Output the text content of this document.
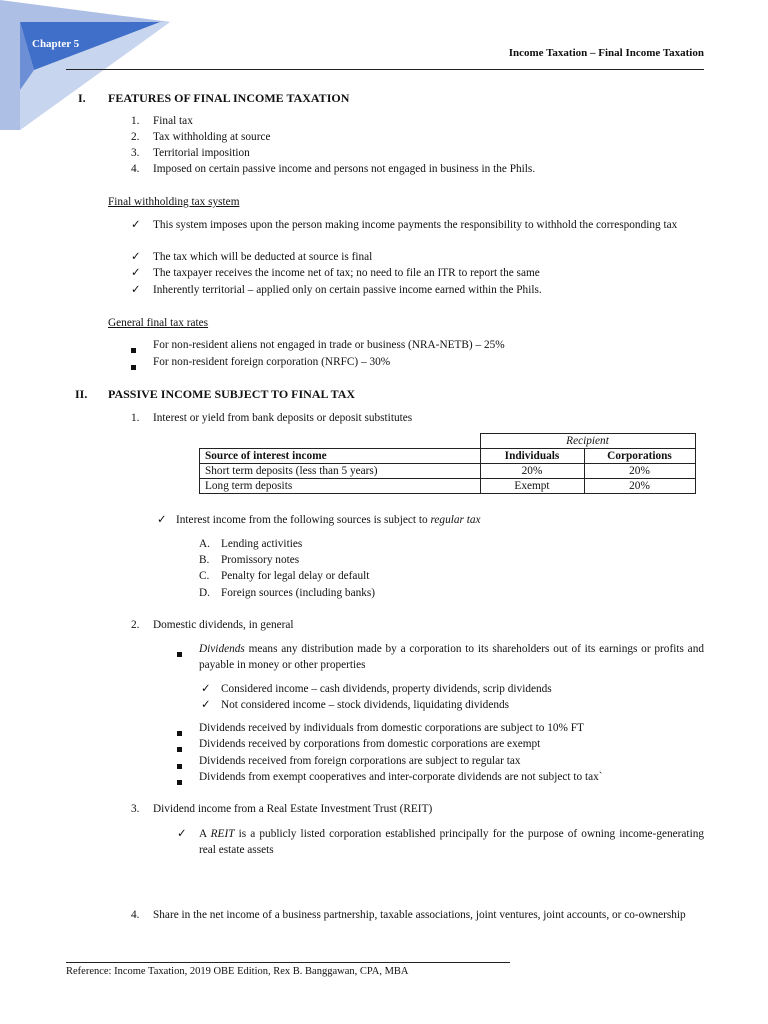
Chapter 5
Income Taxation – Final Income Taxation
I. FEATURES OF FINAL INCOME TAXATION
1. Final tax
2. Tax withholding at source
3. Territorial imposition
4. Imposed on certain passive income and persons not engaged in business in the Phils.
Final withholding tax system
✓
This system imposes upon the person making income payments the responsibility to withhold the corresponding tax
✓
The tax which will be deducted at source is final
✓
The taxpayer receives the income net of tax; no need to file an ITR to report the same
✓
Inherently territorial – applied only on certain passive income earned within the Phils.
General final tax rates
For non-resident aliens not engaged in trade or business (NRA-NETB) – 25%
For non-resident foreign corporation (NRFC) – 30%
II. PASSIVE INCOME SUBJECT TO FINAL TAX
1. Interest or yield from bank deposits or deposit substitutes
	Recipient	
Source of interest income	Individuals	Corporations
Short term deposits (less than 5 years)	20%	20%
Long term deposits	Exempt	20%
✓
Interest income from the following sources is subject to regular tax
A. Lending activities
B. Promissory notes
C. Penalty for legal delay or default
D. Foreign sources (including banks)
2. Domestic dividends, in general
Dividends means any distribution made by a corporation to its shareholders out of its earnings or profits and payable in money or other properties
✓
Considered income – cash dividends, property dividends, scrip dividends
✓
Not considered income – stock dividends, liquidating dividends
Dividends received by individuals from domestic corporations are subject to 10% FT
Dividends received by corporations from domestic corporations are exempt
Dividends received from foreign corporations are subject to regular tax
Dividends from exempt cooperatives and inter-corporate dividends are not subject to tax`
3. Dividend income from a Real Estate Investment Trust (REIT)
✓
A REIT is a publicly listed corporation established principally for the purpose of owning income-generating real estate assets
4. Share in the net income of a business partnership, taxable associations, joint ventures, joint accounts, or co-ownership
Reference: Income Taxation, 2019 OBE Edition, Rex B. Banggawan, CPA, MBA
